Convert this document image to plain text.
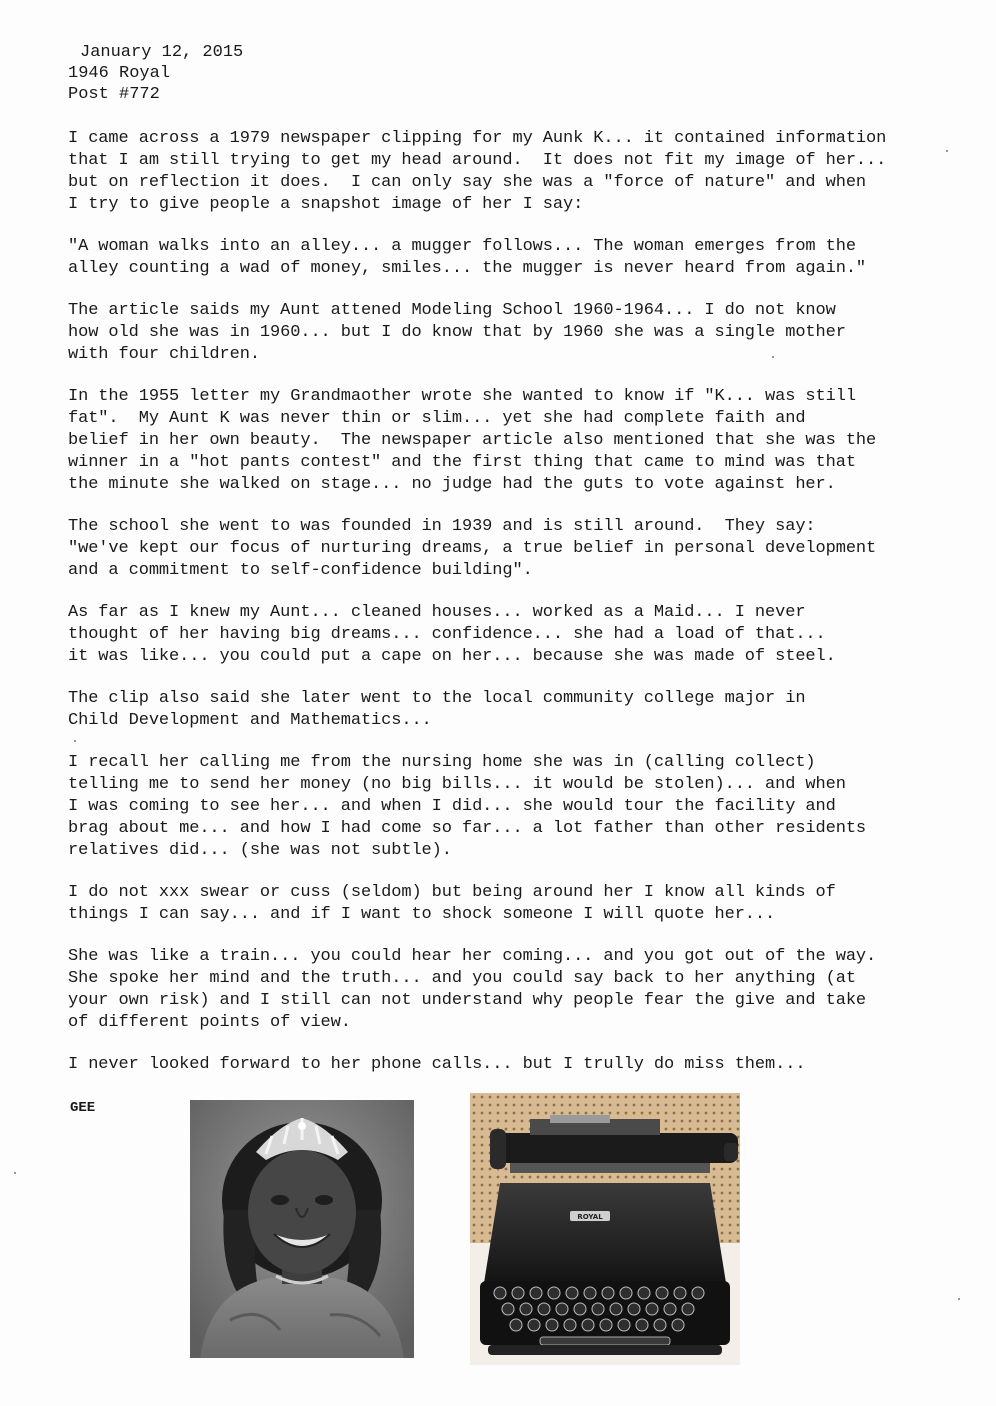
January 12, 2015
1946 Royal
Post #772

I came across a 1979 newspaper clipping for my Aunk K... it contained information
that I am still trying to get my head around.  It does not fit my image of her...
but on reflection it does.  I can only say she was a "force of nature" and when
I try to give people a snapshot image of her I say:

"A woman walks into an alley... a mugger follows... The woman emerges from the
alley counting a wad of money, smiles... the mugger is never heard from again."

The article saids my Aunt attened Modeling School 1960-1964... I do not know
how old she was in 1960... but I do know that by 1960 she was a single mother
with four children.

In the 1955 letter my Grandmaother wrote she wanted to know if "K... was still
fat".  My Aunt K was never thin or slim... yet she had complete faith and
belief in her own beauty.  The newspaper article also mentioned that she was the
winner in a "hot pants contest" and the first thing that came to mind was that
the minute she walked on stage... no judge had the guts to vote against her.

The school she went to was founded in 1939 and is still around.  They say:
"we've kept our focus of nurturing dreams, a true belief in personal development
and a commitment to self-confidence building".

As far as I knew my Aunt... cleaned houses... worked as a Maid... I never
thought of her having big dreams... confidence... she had a load of that...
it was like... you could put a cape on her... because she was made of steel.

The clip also said she later went to the local community college major in
Child Development and Mathematics...

I recall her calling me from the nursing home she was in (calling collect)
telling me to send her money (no big bills... it would be stolen)... and when
I was coming to see her... and when I did... she would tour the facility and
brag about me... and how I had come so far... a lot father than other residents
relatives did... (she was not subtle).

I do not xxx swear or cuss (seldom) but being around her I know all kinds of
things I can say... and if I want to shock someone I will quote her...

She was like a train... you could hear her coming... and you got out of the way.
She spoke her mind and the truth... and you could say back to her anything (at
your own risk) and I still can not understand why people fear the give and take
of different points of view.

I never looked forward to her phone calls... but I trully do miss them...

GEE
ROYAL
